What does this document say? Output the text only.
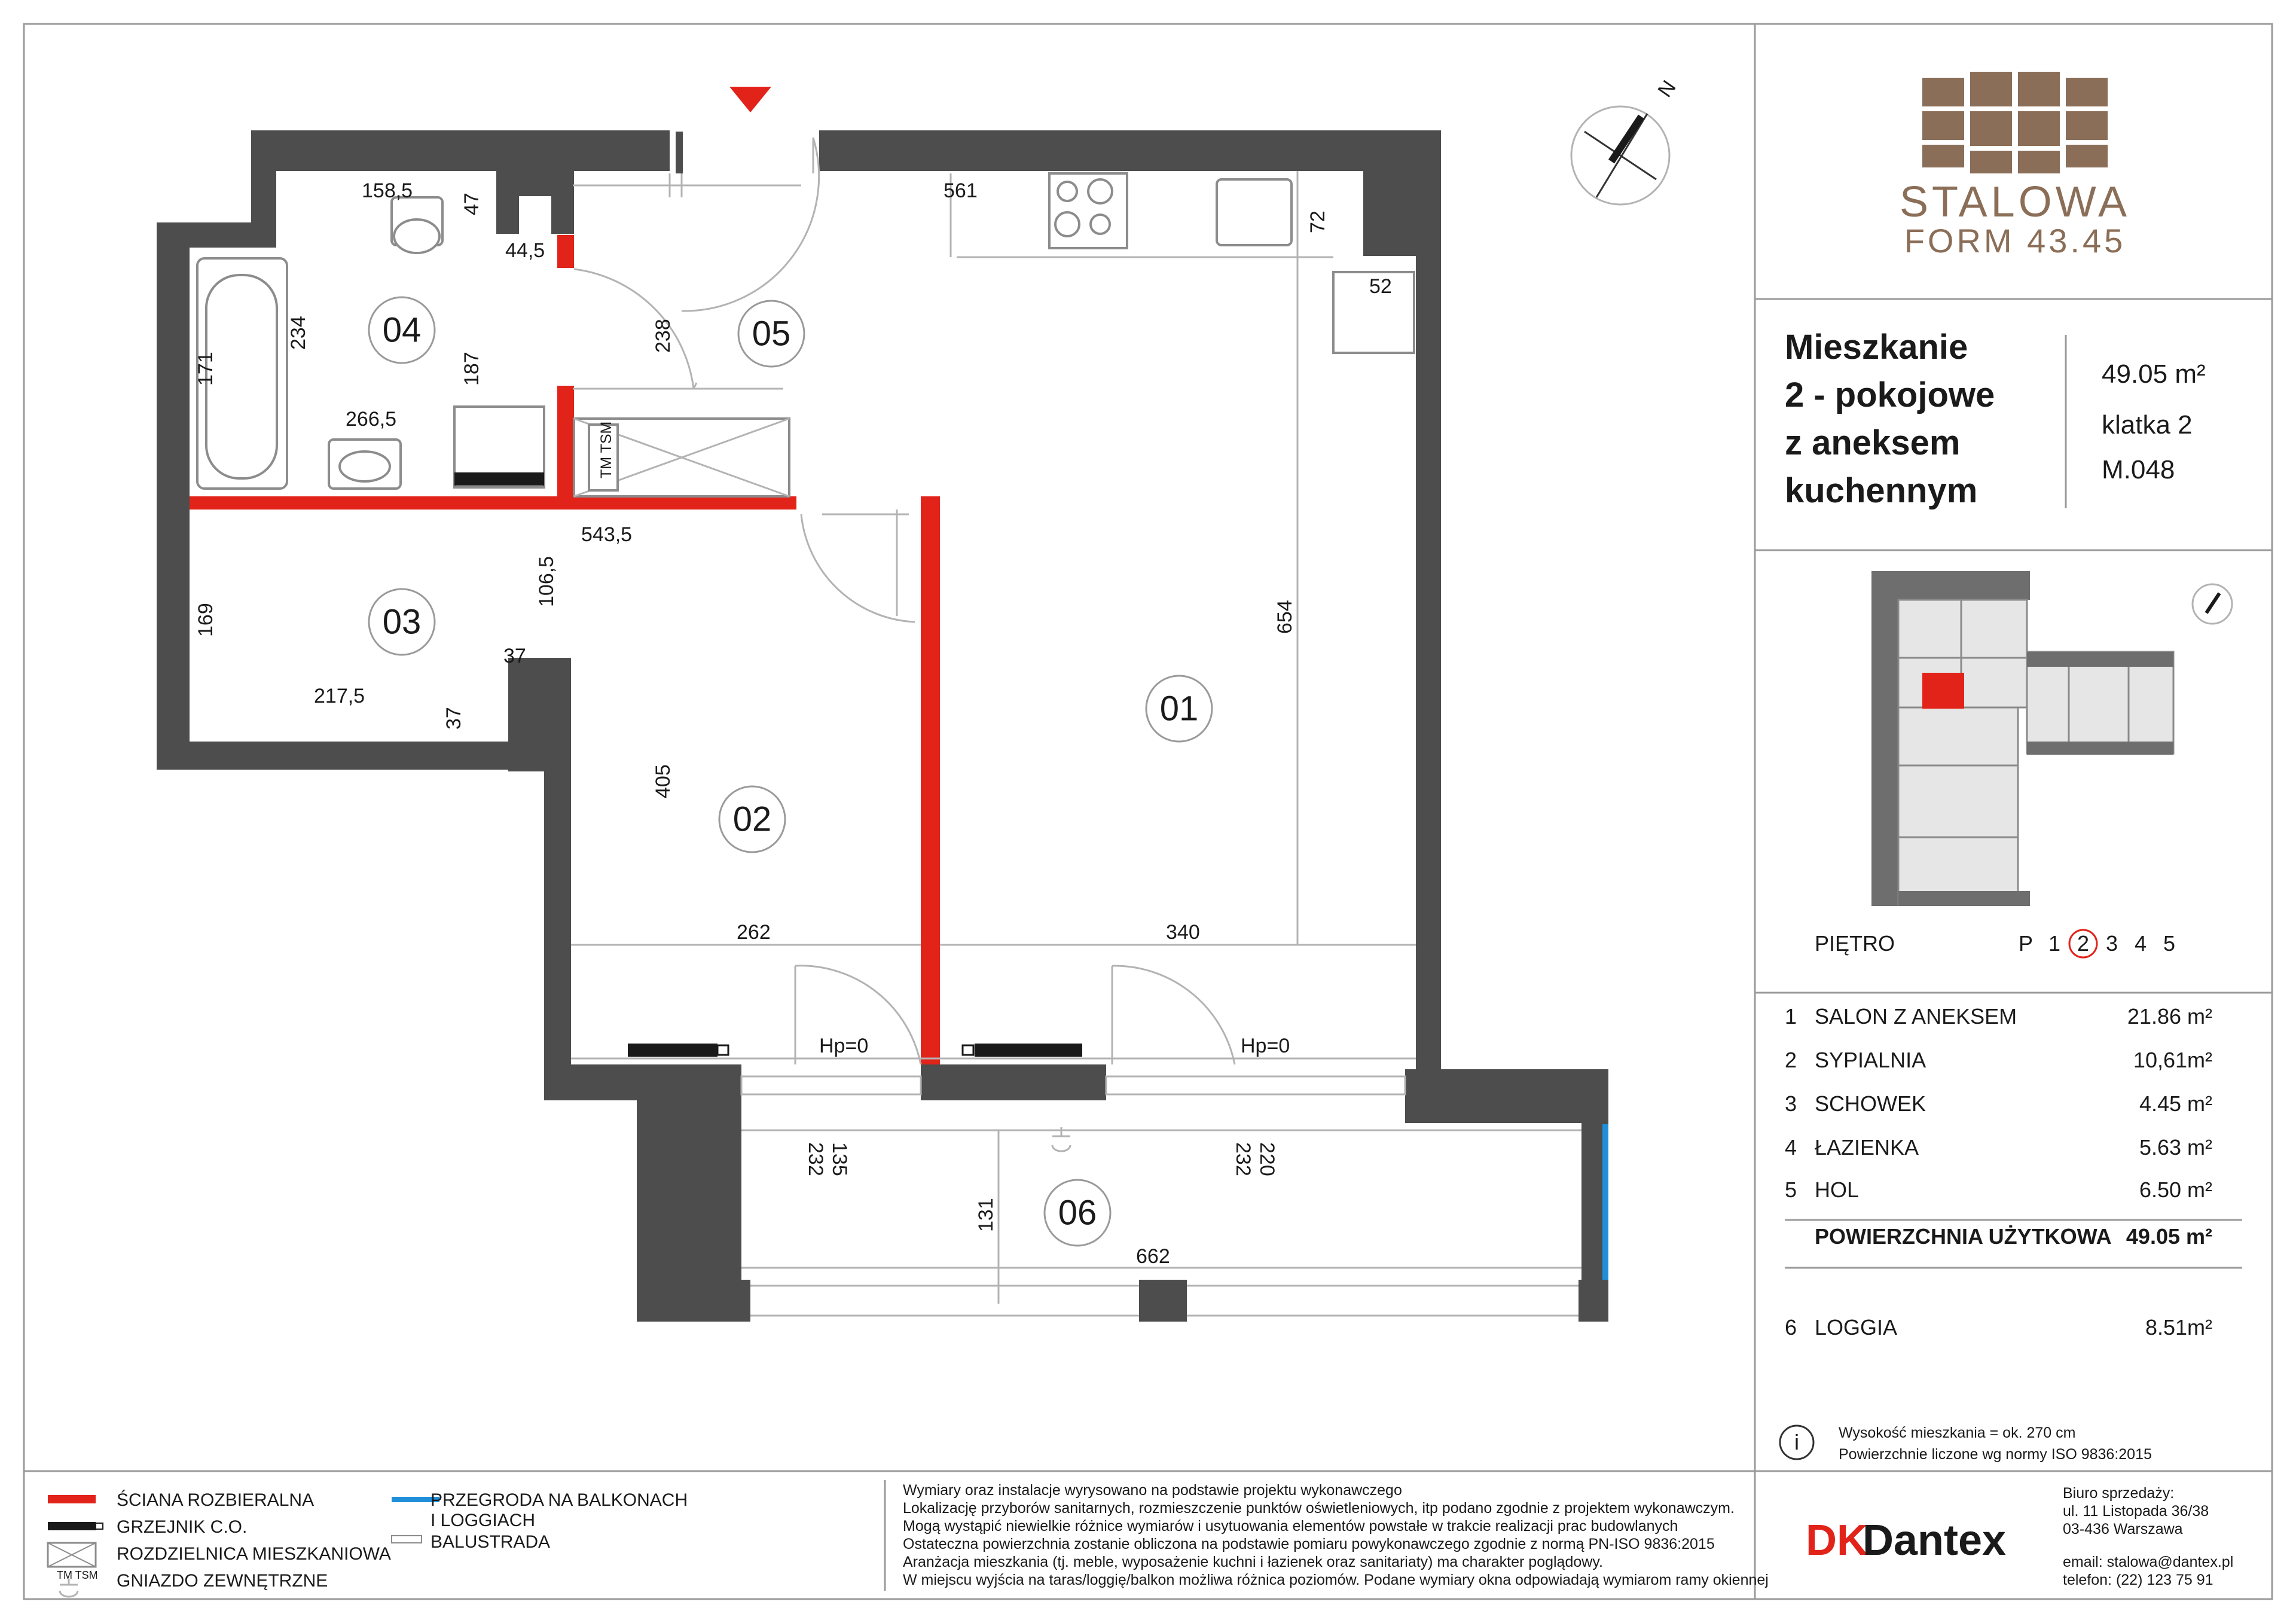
N
04	05
03
01
02
06
158,5
47
44,5
561
72
52
234
171	187
238
266,5
543,5
106,5
169
37
217,5
37
654
405
262	340
135
232	220
232
131
662
Hp=0	Hp=0
TM TSM
STALOWA
FORM 43.45
Mieszkanie
2 - pokojowe
z aneksem
kuchennym
49.05 m²
klatka 2
M.048
PIĘTRO	P 1 2 3 4 5
1 SALON Z ANEKSEM	21.86 m²
2 SYPIALNIA	10,61m²
3 SCHOWEK	4.45 m²
4 ŁAZIENKA	5.63 m²
5 HOL	6.50 m²
POWIERZCHNIA UŻYTKOWA 49.05 m²
6 LOGGIA	8.51m²
i	Wysokość mieszkania = ok. 270 cm
Powierzchnie liczone wg normy ISO 9836:2015
ŚCIANA ROZBIERALNA
GRZEJNIK C.O.
ROZDZIELNICA MIESZKANIOWA
TM TSM GNIAZDO ZEWNĘTRZNE
PRZEGRODA NA BALKONACH
I LOGGIACH
BALUSTRADA
Wymiary oraz instalacje wyrysowano na podstawie projektu wykonawczego
Lokalizację przyborów sanitarnych, rozmieszczenie punktów oświetleniowych, itp podano zgodnie z projektem wykonawczym.
Mogą wystąpić niewielkie różnice wymiarów i usytuowania elementów powstałe w trakcie realizacji prac budowlanych
Ostateczna powierzchnia zostanie obliczona na podstawie pomiaru powykonawczego zgodnie z normą PN-ISO 9836:2015
Aranżacja mieszkania (tj. meble, wyposażenie kuchni i łazienek oraz sanitariaty) ma charakter poglądowy.
W miejscu wyjścia na taras/loggię/balkon możliwa różnica poziomów. Podane wymiary okna odpowiadają wymiarom ramy okiennej
DK
Dantex
Biuro sprzedaży:
ul. 11 Listopada 36/38
03-436 Warszawa
email: stalowa@dantex.pl
telefon: (22) 123 75 91
